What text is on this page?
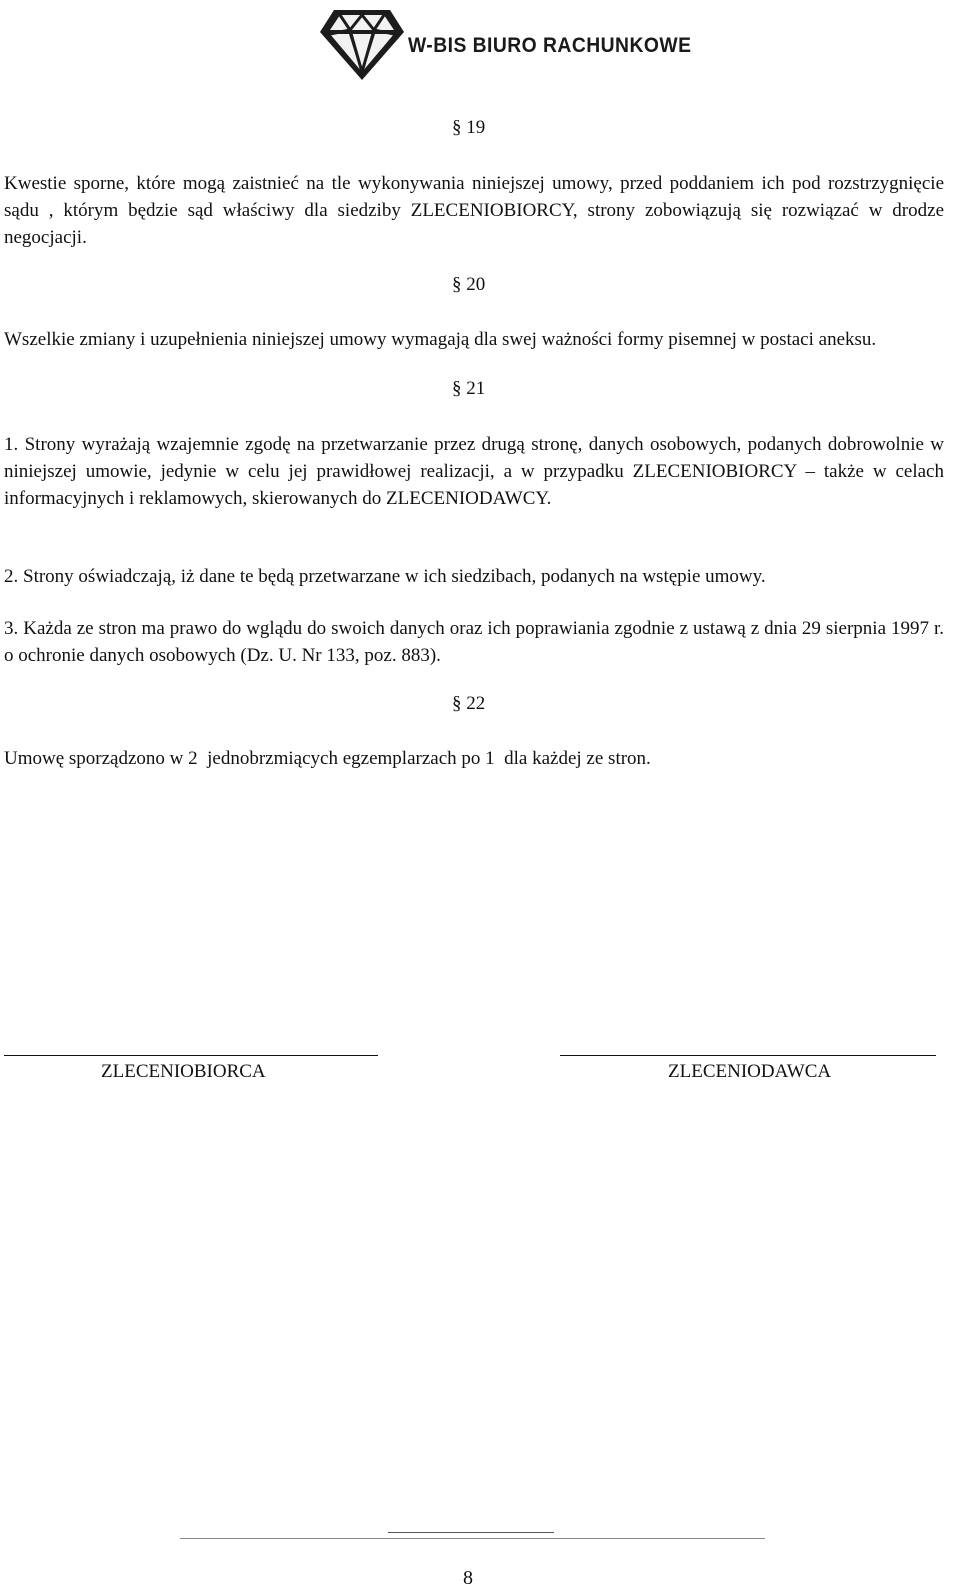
W-BIS BIURO RACHUNKOWE
§ 19

Kwestie sporne, które mogą zaistnieć na tle wykonywania niniejszej umowy, przed poddaniem ich pod rozstrzygnięcie sądu , którym będzie sąd właściwy dla siedziby ZLECENIOBIORCY, strony zobowiązują się rozwiązać w drodze negocjacji.

§ 20

Wszelkie zmiany i uzupełnienia niniejszej umowy wymagają dla swej ważności formy pisemnej w postaci aneksu.

§ 21

1. Strony wyrażają wzajemnie zgodę na przetwarzanie przez drugą stronę, danych osobowych, podanych dobrowolnie w niniejszej umowie, jedynie w celu jej prawidłowej realizacji, a w przypadku ZLECENIOBIORCY – także w celach informacyjnych i reklamowych, skierowanych do ZLECENIODAWCY.

2. Strony oświadczają, iż dane te będą przetwarzane w ich siedzibach, podanych na wstępie umowy.

3. Każda ze stron ma prawo do wglądu do swoich danych oraz ich poprawiania zgodnie z ustawą z dnia 29 sierpnia 1997 r. o ochronie danych osobowych (Dz. U. Nr 133, poz. 883).

§ 22

Umowę sporządzono w 2  jednobrzmiących egzemplarzach po 1  dla każdej ze stron.

ZLECENIOBIORCA	ZLECENIODAWCA
8
